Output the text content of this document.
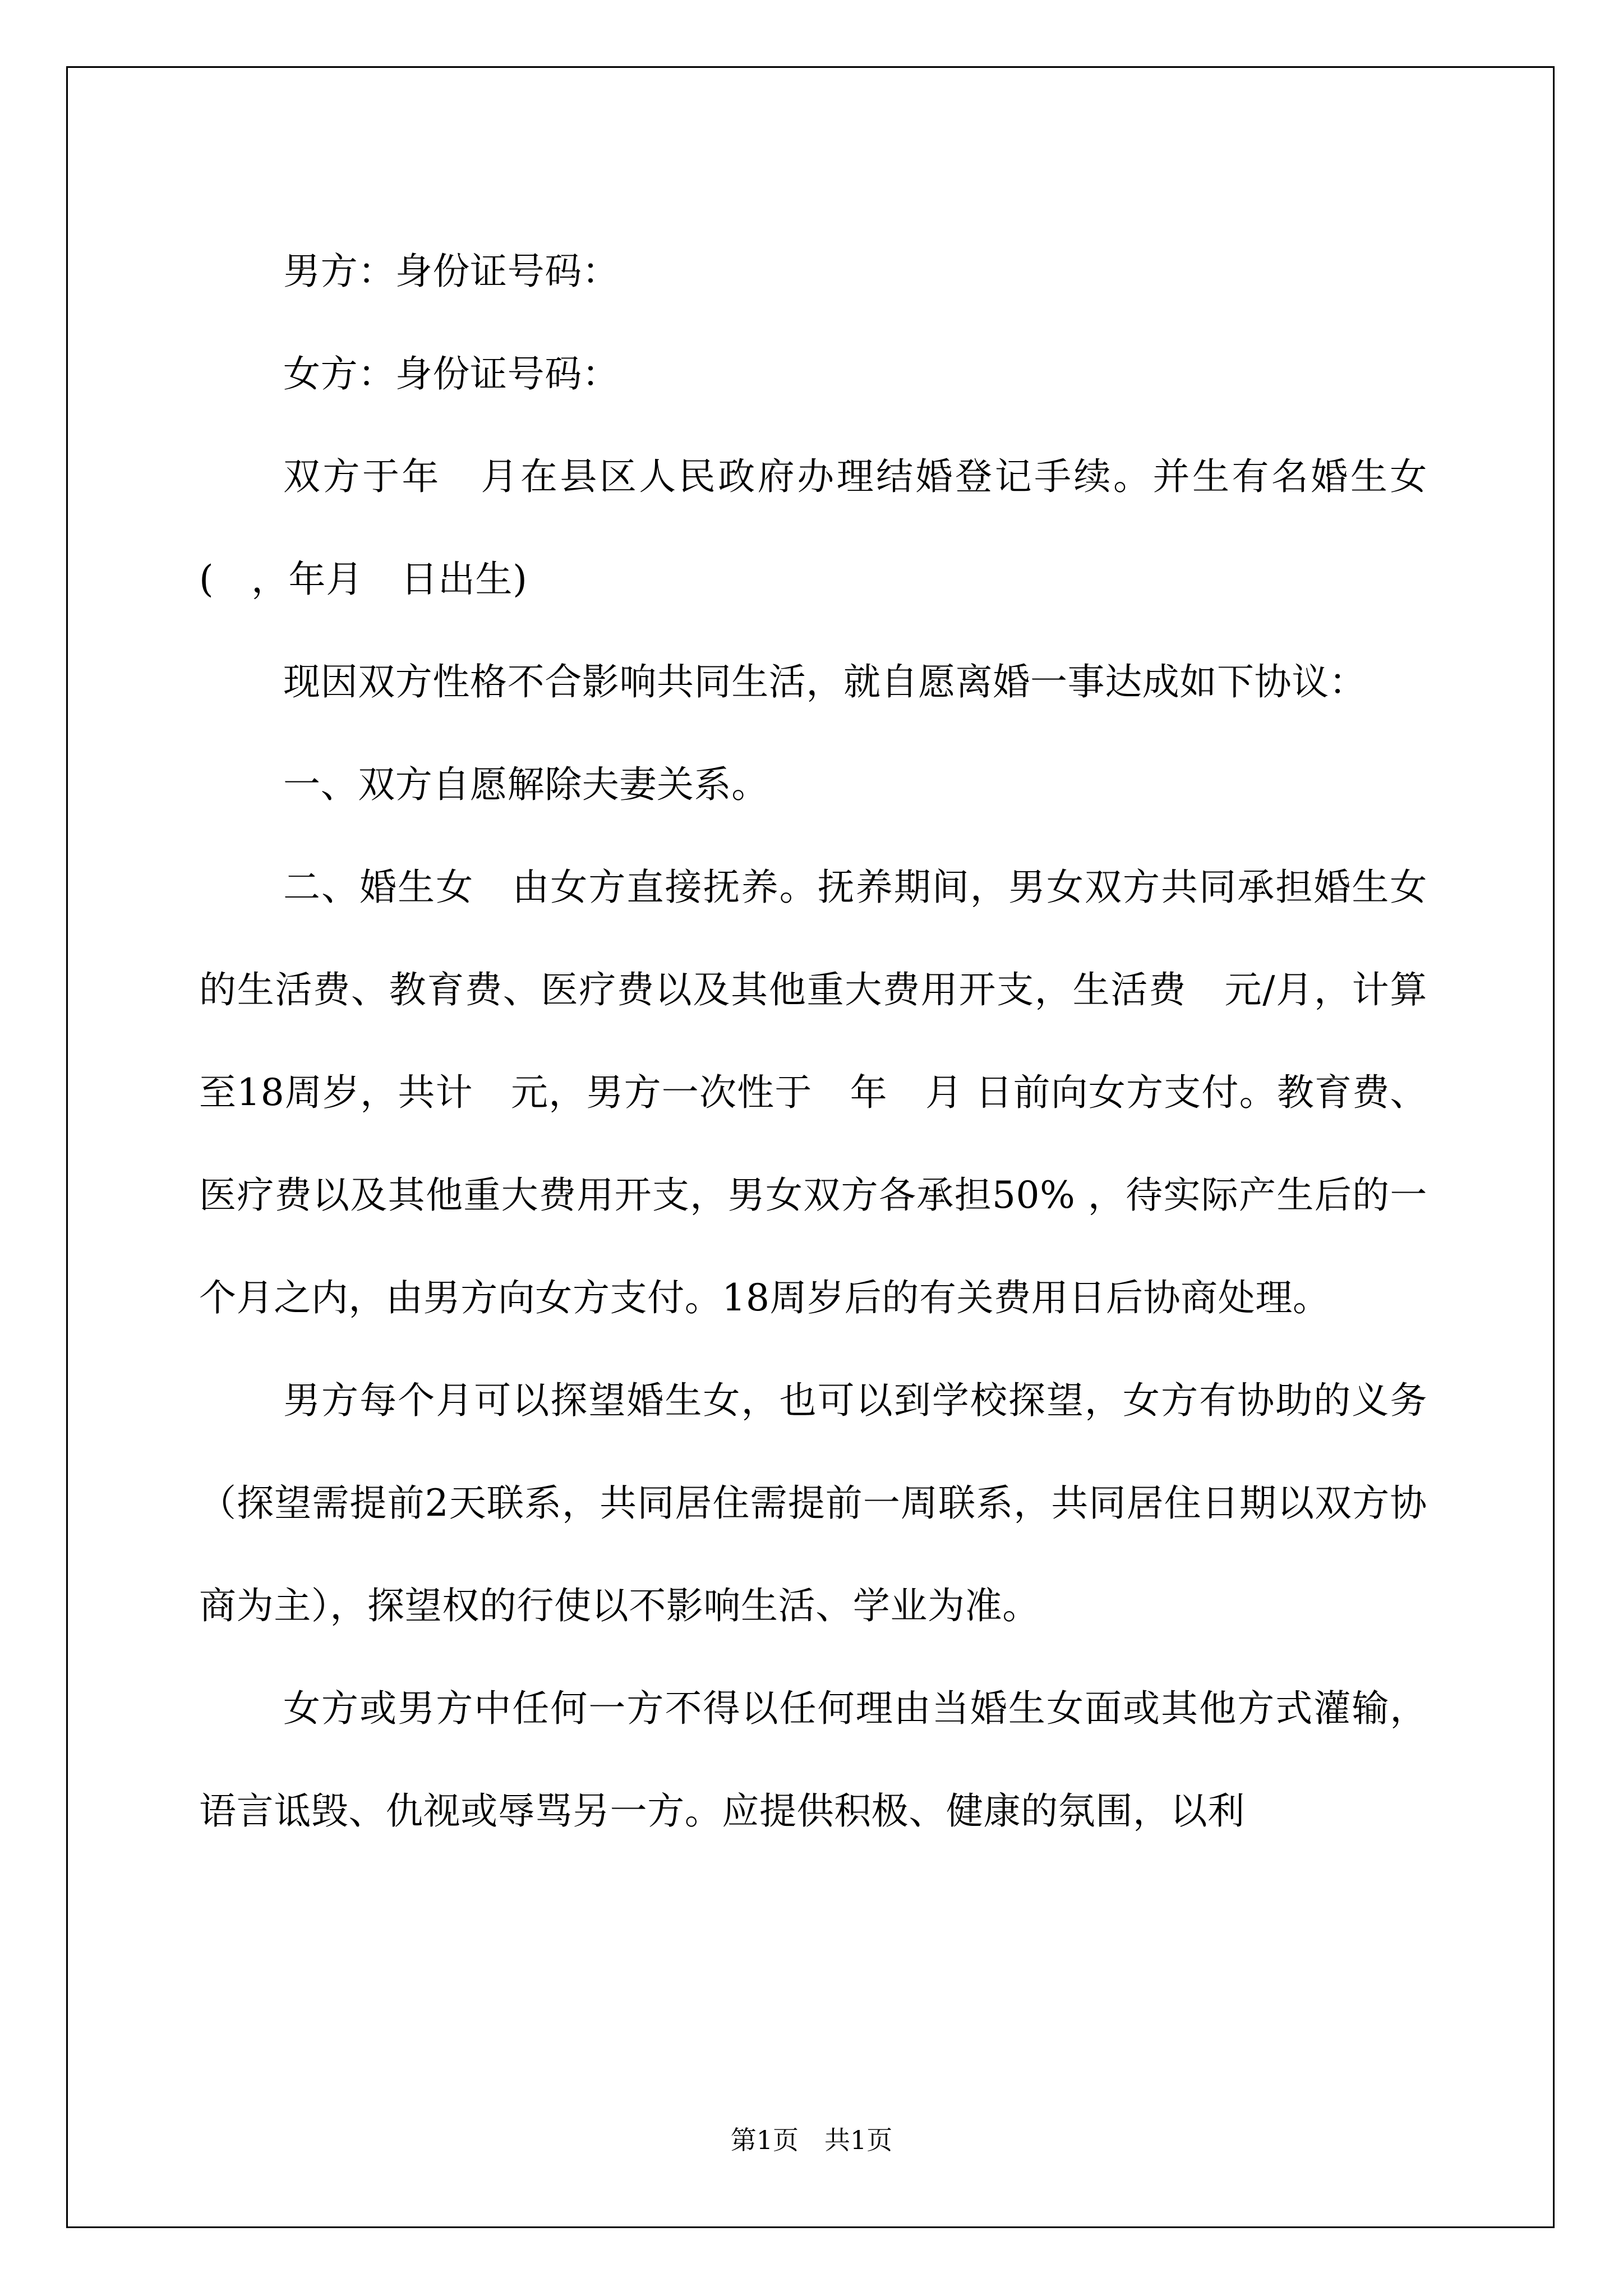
男方：身份证号码：

女方：身份证号码：

双方于年　月在县区人民政府办理结婚登记手续。并生有名婚生女(　，年月　日出生)

现因双方性格不合影响共同生活，就自愿离婚一事达成如下协议：

一、双方自愿解除夫妻关系。

二、婚生女　由女方直接抚养。抚养期间，男女双方共同承担婚生女的生活费、教育费、医疗费以及其他重大费用开支，生活费　元/月，计算至18周岁，共计　元，男方一次性于　年　月 日前向女方支付。教育费、医疗费以及其他重大费用开支，男女双方各承担50% ，待实际产生后的一个月之内，由男方向女方支付。18周岁后的有关费用日后协商处理。

男方每个月可以探望婚生女，也可以到学校探望，女方有协助的义务（探望需提前2天联系，共同居住需提前一周联系，共同居住日期以双方协商为主），探望权的行使以不影响生活、学业为准。

女方或男方中任何一方不得以任何理由当婚生女面或其他方式灌输，语言诋毁、仇视或辱骂另一方。应提供积极、健康的氛围，以利

第1页　共1页
